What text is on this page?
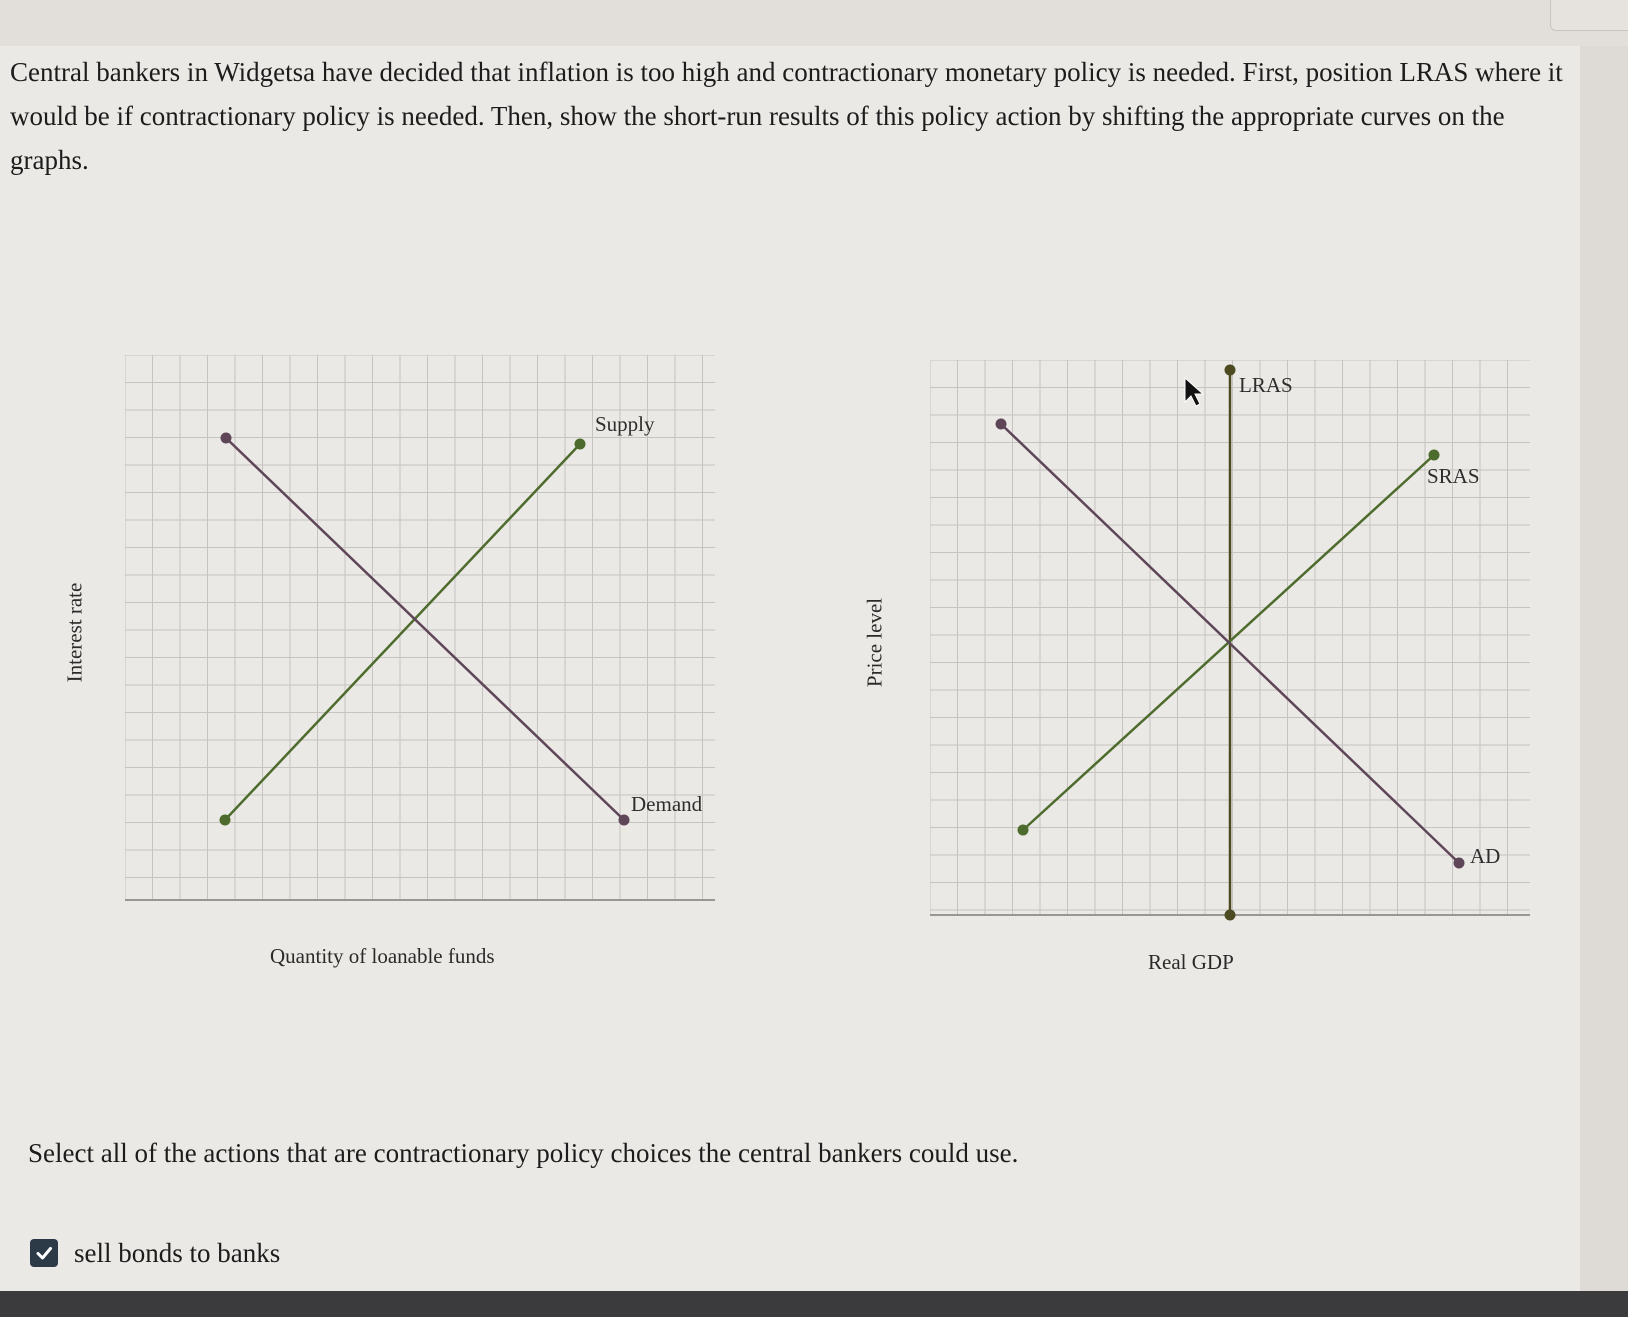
Central bankers in Widgetsa have decided that inflation is too high and contractionary monetary policy is needed. First, position LRAS where it would be if contractionary policy is needed. Then, show the short-run results of this policy action by shifting the appropriate curves on the graphs.

Interest rate
Supply
Demand
Quantity of loanable funds
Price level
LRAS
SRAS
AD
Real GDP
Select all of the actions that are contractionary policy choices the central bankers could use.
sell bonds to banks
